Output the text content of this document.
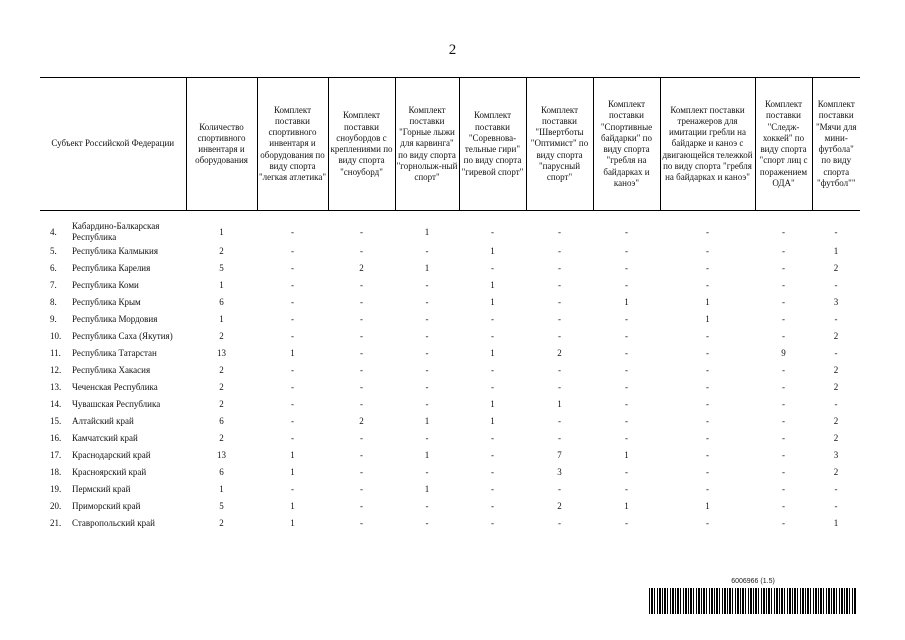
2
Субъект Российской Федерации		Количество спортивного инвентаря и оборудования	Комплект поставки спортивного инвентаря и оборудования по виду спорта "легкая атлетика"	Комплект поставки сноубордов с креплениями по виду спорта "сноуборд"	Комплект поставки "Горные лыжи для карвинга" по виду спорта "горнолыж-ный спорт"	Комплект поставки "Соревнова-тельные гири" по виду спорта "гиревой спорт"	Комплект поставки "Швертботы "Оптимист" по виду спорта "парусный спорт"	Комплект поставки "Спортивные байдарки" по виду спорта "гребля на байдарках и каноэ"	Комплект поставки тренажеров для имитации гребли на байдарке и каноэ с двигающейся тележкой по виду спорта "гребля на байдарках и каноэ"	Комплект поставки "Следж-хоккей" по виду спорта "спорт лиц с поражением ОДА"	Комплект поставки "Мячи для мини-футбола" по виду спорта "футбол""

4.	Кабардино-Балкарская Республика	1	-	-	1	-	-	-	-	-	-
5.	Республика Калмыкия	2	-	-	-	1	-	-	-	-	1
6.	Республика Карелия	5	-	2	1	-	-	-	-	-	2
7.	Республика Коми	1	-	-	-	1	-	-	-	-	-
8.	Республика Крым	6	-	-	-	1	-	1	1	-	3
9.	Республика Мордовия	1	-	-	-	-	-	-	1	-	-
10.	Республика Саха (Якутия)	2	-	-	-	-	-	-	-	-	2
11.	Республика Татарстан	13	1	-	-	1	2	-	-	9	-
12.	Республика Хакасия	2	-	-	-	-	-	-	-	-	2
13.	Чеченская Республика	2	-	-	-	-	-	-	-	-	2
14.	Чувашская Республика	2	-	-	-	1	1	-	-	-	-
15.	Алтайский край	6	-	2	1	1	-	-	-	-	2
16.	Камчатский край	2	-	-	-	-	-	-	-	-	2
17.	Краснодарский край	13	1	-	1	-	7	1	-	-	3
18.	Красноярский край	6	1	-	-	-	3	-	-	-	2
19.	Пермский край	1	-	-	1	-	-	-	-	-	-
20.	Приморский край	5	1	-	-	-	2	1	1	-	-
21.	Ставропольский край	2	1	-	-	-	-	-	-	-	1
6006966 (1.5)
